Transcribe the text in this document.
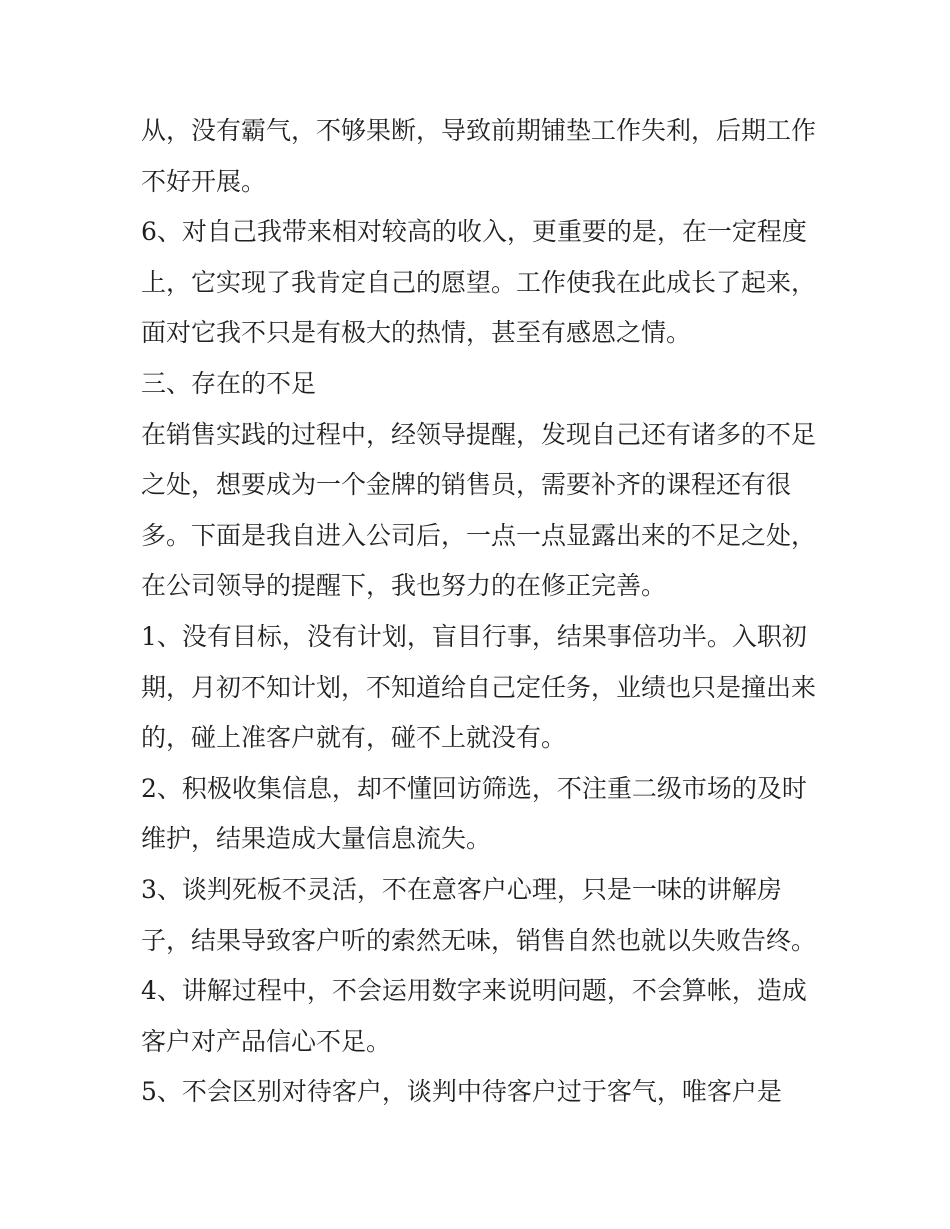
从，没有霸气，不够果断，导致前期铺垫工作失利，后期工作
不好开展。
6、对自己我带来相对较高的收入，更重要的是，在一定程度
上，它实现了我肯定自己的愿望。工作使我在此成长了起来，
面对它我不只是有极大的热情，甚至有感恩之情。
三、存在的不足
在销售实践的过程中，经领导提醒，发现自己还有诸多的不足
之处，想要成为一个金牌的销售员，需要补齐的课程还有很
多。下面是我自进入公司后，一点一点显露出来的不足之处，
在公司领导的提醒下，我也努力的在修正完善。
1、没有目标，没有计划，盲目行事，结果事倍功半。入职初
期，月初不知计划，不知道给自己定任务，业绩也只是撞出来
的，碰上准客户就有，碰不上就没有。
2、积极收集信息，却不懂回访筛选，不注重二级市场的及时
维护，结果造成大量信息流失。
3、谈判死板不灵活，不在意客户心理，只是一味的讲解房
子，结果导致客户听的索然无味，销售自然也就以失败告终。
4、讲解过程中，不会运用数字来说明问题，不会算帐，造成
客户对产品信心不足。
5、不会区别对待客户，谈判中待客户过于客气，唯客户是
